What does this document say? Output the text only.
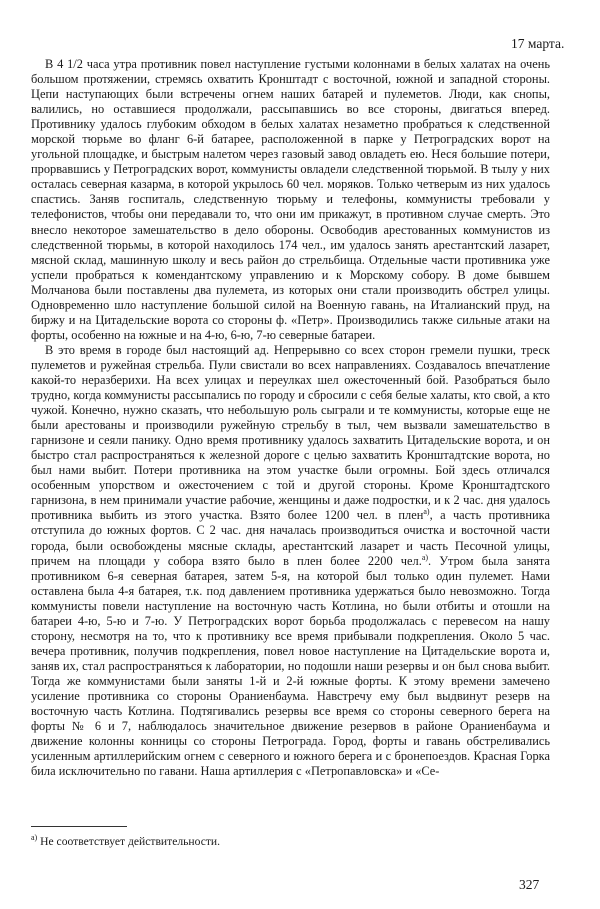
17 марта.

В 4 1/2 часа утра противник повел наступление густыми колоннами в белых халатах на очень большом протяжении, стремясь охватить Кронштадт с восточной, южной и западной стороны. Цепи наступающих были встречены огнем наших батарей и пулеметов. Люди, как снопы, валились, но оставшиеся продолжали, рассыпавшись во все стороны, двигаться вперед. Противнику удалось глубоким обходом в белых халатах незаметно пробраться к следственной морской тюрьме во фланг 6-й батарее, расположенной в парке у Петроградских ворот на угольной площадке, и быстрым налетом через газовый завод овладеть ею. Неся большие потери, прорвавшись у Петроградских ворот, коммунисты овладели следственной тюрьмой. В тылу у них осталась северная казарма, в которой укрылось 60 чел. моряков. Только четверым из них удалось спастись. Заняв госпиталь, следственную тюрьму и телефоны, коммунисты требовали у телефонистов, чтобы они передавали то, что они им прикажут, в противном случае смерть. Это внесло некоторое замешательство в дело обороны. Освободив арестованных коммунистов из следственной тюрьмы, в которой находилось 174 чел., им удалось занять арестантский лазарет, мясной склад, машинную школу и весь район до стрельбища. Отдельные части противника уже успели пробраться к комендантскому управлению и к Морскому собору. В доме бывшем Молчанова были поставлены два пулемета, из которых они стали производить обстрел улицы. Одновременно шло наступление большой силой на Военную гавань, на Италианский пруд, на биржу и на Цитадельские ворота со стороны ф. «Петр». Производились также сильные атаки на форты, особенно на южные и на 4-ю, 6-ю, 7-ю северные батареи.

В это время в городе был настоящий ад. Непрерывно со всех сторон гремели пушки, треск пулеметов и ружейная стрельба. Пули свистали во всех направлениях. Создавалось впечатление какой-то неразберихи. На всех улицах и переулках шел ожесточенный бой. Разобраться было трудно, когда коммунисты рассыпались по городу и сбросили с себя белые халаты, кто свой, а кто чужой. Конечно, нужно сказать, что небольшую роль сыграли и те коммунисты, которые еще не были арестованы и производили ружейную стрельбу в тыл, чем вызвали замешательство в гарнизоне и сеяли панику. Одно время противнику удалось захватить Цитадельские ворота, и он быстро стал распространяться к железной дороге с целью захватить Кронштадтские ворота, но был нами выбит. Потери противника на этом участке были огромны. Бой здесь отличался особенным упорством и ожесточением с той и другой стороны. Кроме Кронштадтского гарнизона, в нем принимали участие рабочие, женщины и даже подростки, и к 2 час. дня удалось противника выбить из этого участка. Взято более 1200 чел. в плен$^{а)}$, а часть противника отступила до южных фортов. С 2 час. дня началась производиться очистка и восточной части города, были освобождены мясные склады, арестантский лазарет и часть Песочной улицы, причем на площади у собора взято было в плен более 2200 чел.$^{а)}$. Утром была занята противником 6-я северная батарея, затем 5-я, на которой был только один пулемет. Нами оставлена была 4-я батарея, т.к. под давлением противника удержаться было невозможно. Тогда коммунисты повели наступление на восточную часть Котлина, но были отбиты и отошли на батареи 4-ю, 5-ю и 7-ю. У Петроградских ворот борьба продолжалась с перевесом на нашу сторону, несмотря на то, что к противнику все время прибывали подкрепления. Около 5 час. вечера противник, получив подкрепления, повел новое наступление на Цитадельские ворота и, заняв их, стал распространяться к лаборатории, но подошли наши резервы и он был снова выбит. Тогда же коммунистами были заняты 1-й и 2-й южные форты. К этому времени замечено усиление противника со стороны Ораниенбаума. Навстречу ему был выдвинут резерв на восточную часть Котлина. Подтягивались резервы все время со стороны северного берега на форты № 6 и 7, наблюдалось значительное движение резервов в районе Ораниенбаума и движение колонны конницы со стороны Петрограда. Город, форты и гавань обстреливались усиленным артиллерийским огнем с северного и южного берега и с бронепоездов. Красная Горка била исключительно по гавани. Наша артиллерия с «Петропавловска» и «Се-

$^{а)}$ Не соответствует действительности.
327
